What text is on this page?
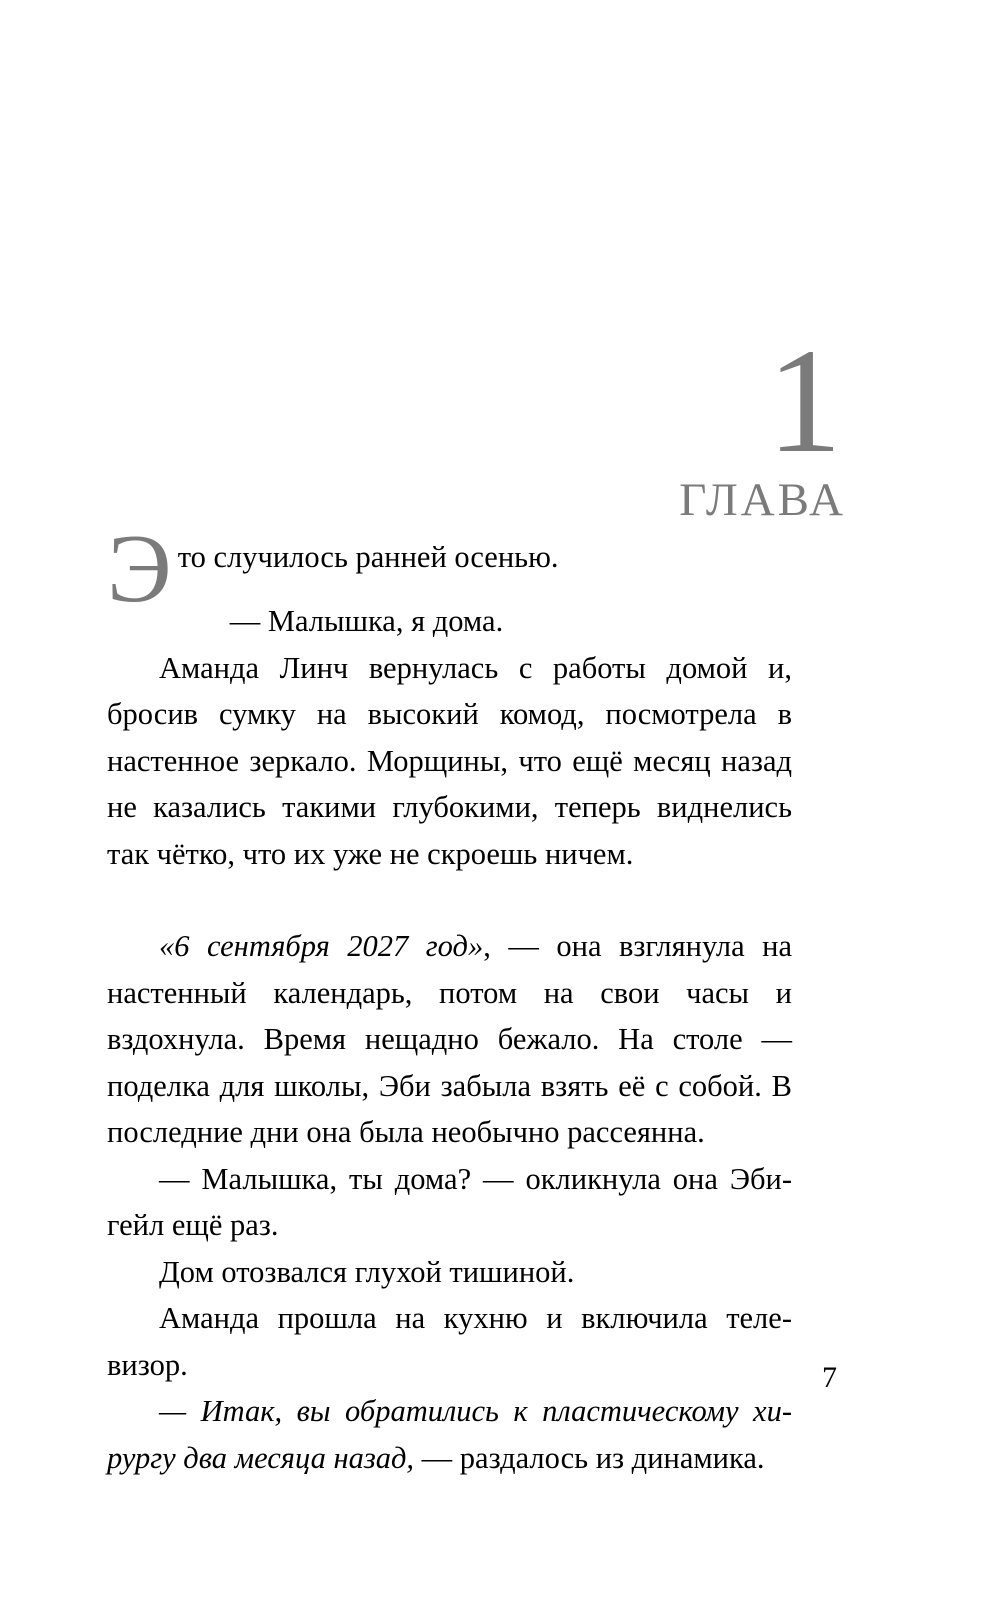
1
ГЛАВА

Это случилось ранней осенью.

— Малышка, я дома.

Аманда Линч вернулась с работы домой и, бросив сумку на высокий комод, посмотрела в настенное зеркало. Морщины, что ещё месяц назад не казались такими глубокими, теперь виднелись так чётко, что их уже не скроешь ничем.

«6 сентября 2027 год», — она взглянула на настенный календарь, потом на свои часы и вздохнула. Время нещадно бежало. На столе — поделка для школы, Эби забыла взять её с собой. В последние дни она была необычно рассеянна.

— Малышка, ты дома? — окликнула она Эбигейл ещё раз.

Дом отозвался глухой тишиной.

Аманда прошла на кухню и включила телевизор.

— Итак, вы обратились к пластическому хирургу два месяца назад, — раздалось из динамика.

7
